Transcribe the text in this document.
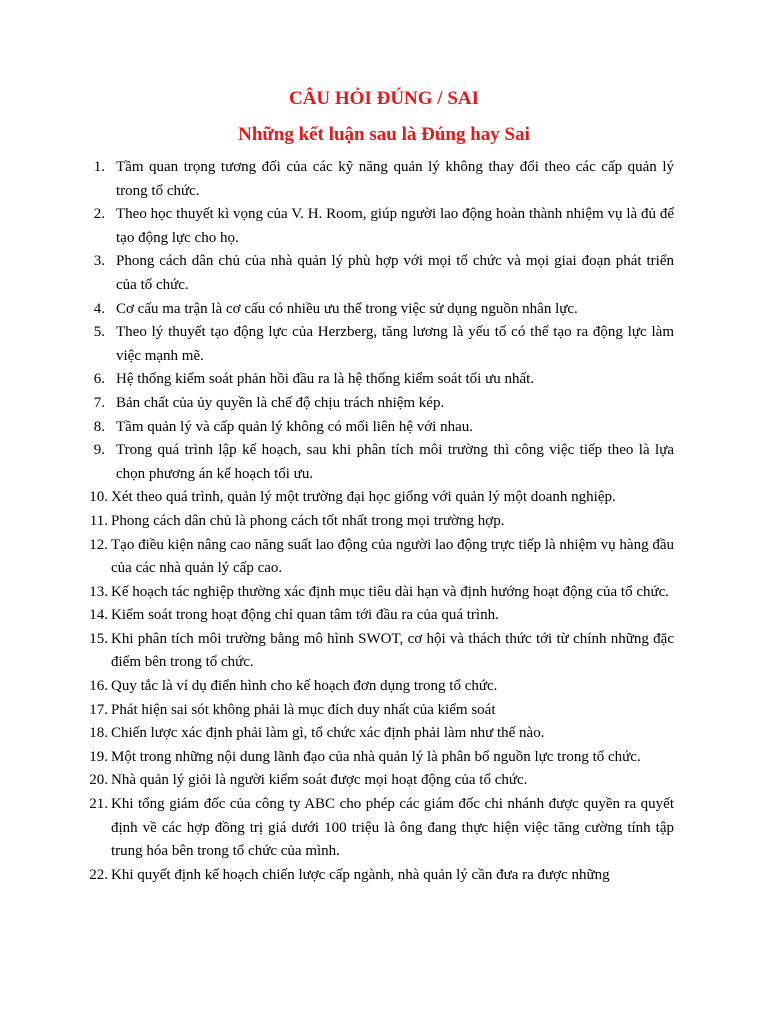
CÂU HỎI ĐÚNG / SAI
Những kết luận sau là Đúng hay Sai
1. Tầm quan trọng tương đối của các kỹ năng quản lý không thay đổi theo các cấp quản lý trong tổ chức.
2. Theo học thuyết kì vọng của V. H. Room, giúp người lao động hoàn thành nhiệm vụ là đủ để tạo động lực cho họ.
3. Phong cách dân chủ của nhà quản lý phù hợp với mọi tổ chức và mọi giai đoạn phát triển của tổ chức.
4. Cơ cấu ma trận là cơ cấu có nhiều ưu thế trong việc sử dụng nguồn nhân lực.
5. Theo lý thuyết tạo động lực của Herzberg, tăng lương là yếu tố có thể tạo ra động lực làm việc mạnh mẽ.
6. Hệ thống kiểm soát phản hồi đầu ra là hệ thống kiểm soát tối ưu nhất.
7. Bản chất của ủy quyền là chế độ chịu trách nhiệm kép.
8. Tầm quản lý và cấp quản lý không có mối liên hệ với nhau.
9. Trong quá trình lập kế hoạch, sau khi phân tích môi trường thì công việc tiếp theo là lựa chọn phương án kế hoạch tối ưu.
10. Xét theo quá trình, quản lý một trường đại học giống với quản lý một doanh nghiệp.
11. Phong cách dân chủ là phong cách tốt nhất trong mọi trường hợp.
12. Tạo điều kiện nâng cao năng suất lao động của người lao động trực tiếp là nhiệm vụ hàng đầu của các nhà quản lý cấp cao.
13. Kế hoạch tác nghiệp thường xác định mục tiêu dài hạn và định hướng hoạt động của tổ chức.
14. Kiểm soát trong hoạt động chỉ quan tâm tới đầu ra của quá trình.
15. Khi phân tích môi trường bằng mô hình SWOT, cơ hội và thách thức tới từ chính những đặc điểm bên trong tổ chức.
16. Quy tắc là ví dụ điển hình cho kế hoạch đơn dụng trong tổ chức.
17. Phát hiện sai sót không phải là mục đích duy nhất của kiểm soát
18. Chiến lược xác định phải làm gì, tổ chức xác định phải làm như thế nào.
19. Một trong những nội dung lãnh đạo của nhà quản lý là phân bổ nguồn lực trong tổ chức.
20. Nhà quản lý giỏi là người kiểm soát được mọi hoạt động của tổ chức.
21. Khi tổng giám đốc của công ty ABC cho phép các giám đốc chi nhánh được quyền ra quyết định về các hợp đồng trị giá dưới 100 triệu là ông đang thực hiện việc tăng cường tính tập trung hóa bên trong tổ chức của mình.
22. Khi quyết định kế hoạch chiến lược cấp ngành, nhà quản lý cần đưa ra được những
